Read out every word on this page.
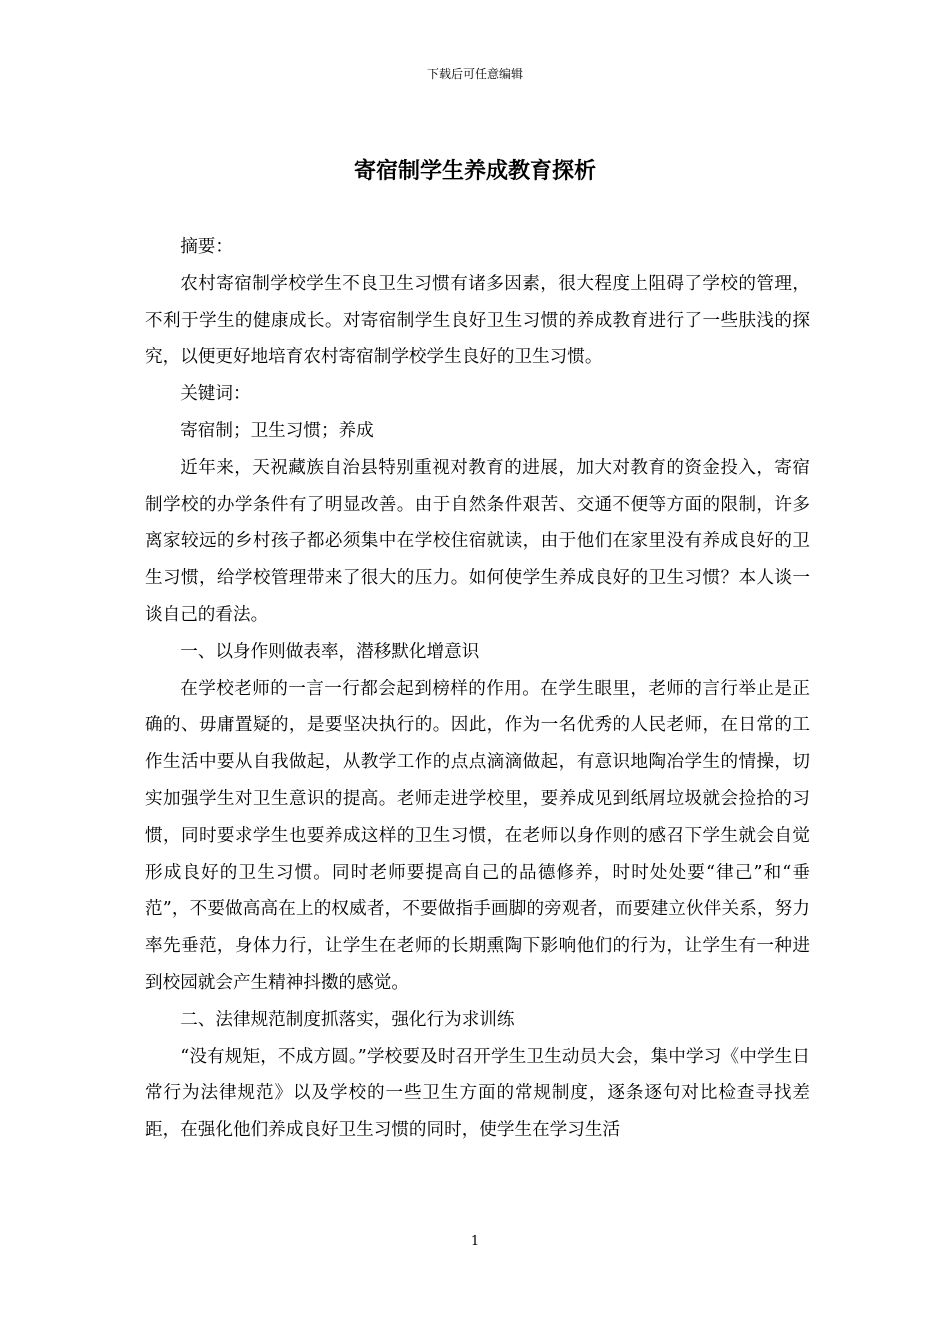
下载后可任意编辑
寄宿制学生养成教育探析

摘要：

农村寄宿制学校学生不良卫生习惯有诸多因素，很大程度上阻碍了学校的管理，不利于学生的健康成长。对寄宿制学生良好卫生习惯的养成教育进行了一些肤浅的探究，以便更好地培育农村寄宿制学校学生良好的卫生习惯。

关键词：

寄宿制；卫生习惯；养成

近年来，天祝藏族自治县特别重视对教育的进展，加大对教育的资金投入，寄宿制学校的办学条件有了明显改善。由于自然条件艰苦、交通不便等方面的限制，许多离家较远的乡村孩子都必须集中在学校住宿就读，由于他们在家里没有养成良好的卫生习惯，给学校管理带来了很大的压力。如何使学生养成良好的卫生习惯？本人谈一谈自己的看法。

一、以身作则做表率，潜移默化增意识

在学校老师的一言一行都会起到榜样的作用。在学生眼里，老师的言行举止是正确的、毋庸置疑的，是要坚决执行的。因此，作为一名优秀的人民老师，在日常的工作生活中要从自我做起，从教学工作的点点滴滴做起，有意识地陶冶学生的情操，切实加强学生对卫生意识的提高。老师走进学校里，要养成见到纸屑垃圾就会捡拾的习惯，同时要求学生也要养成这样的卫生习惯，在老师以身作则的感召下学生就会自觉形成良好的卫生习惯。同时老师要提高自己的品德修养，时时处处要“律己”和“垂范”，不要做高高在上的权威者，不要做指手画脚的旁观者，而要建立伙伴关系，努力率先垂范，身体力行，让学生在老师的长期熏陶下影响他们的行为，让学生有一种进到校园就会产生精神抖擞的感觉。

二、法律规范制度抓落实，强化行为求训练

“没有规矩，不成方圆。”学校要及时召开学生卫生动员大会，集中学习《中学生日常行为法律规范》以及学校的一些卫生方面的常规制度，逐条逐句对比检查寻找差距，在强化他们养成良好卫生习惯的同时，使学生在学习生活

1
